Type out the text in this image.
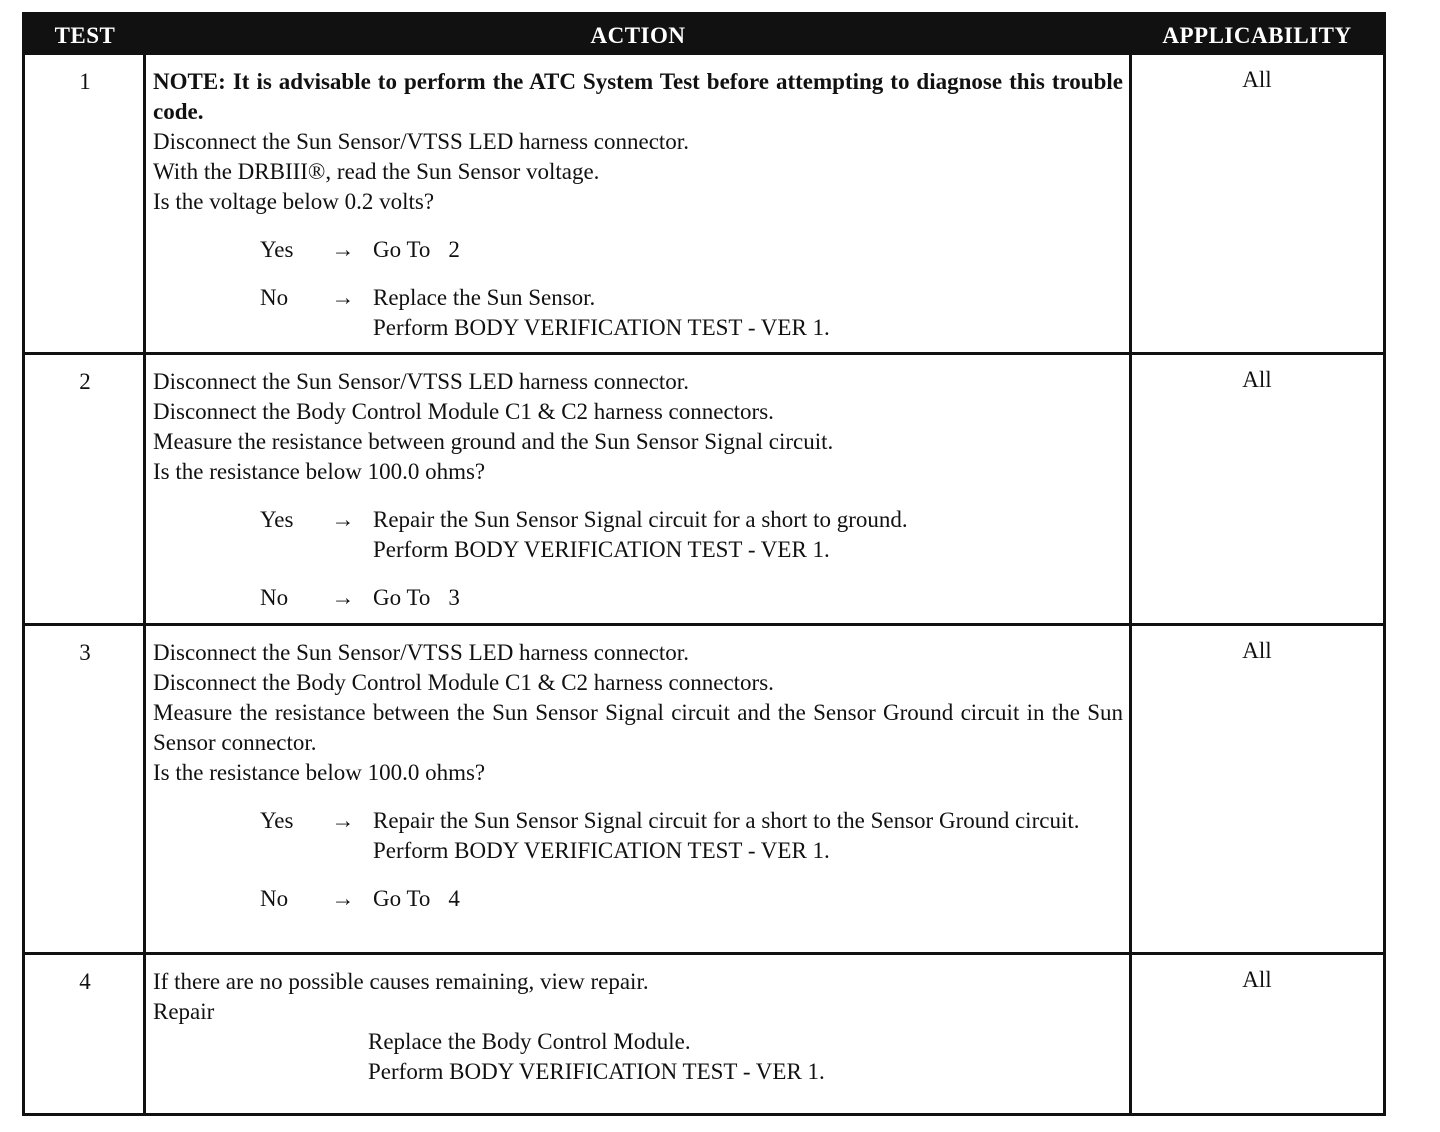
TEST	ACTION	APPLICABILITY
1	NOTE: It is advisable to perform the ATC System Test before attempting to diagnose this trouble code.

Disconnect the Sun Sensor/VTSS LED harness connector.

With the DRBIII®, read the Sun Sensor voltage.

Is the voltage below 0.2 volts?

Yes	→ Go To 2
No	→ Replace the Sun Sensor.

Perform BODY VERIFICATION TEST - VER 1.

All
2	Disconnect the Sun Sensor/VTSS LED harness connector.

Disconnect the Body Control Module C1 & C2 harness connectors.

Measure the resistance between ground and the Sun Sensor Signal circuit.

Is the resistance below 100.0 ohms?

Yes	→ Repair the Sun Sensor Signal circuit for a short to ground.

Perform BODY VERIFICATION TEST - VER 1.

No	→ Go To 3
All
3	Disconnect the Sun Sensor/VTSS LED harness connector.

Disconnect the Body Control Module C1 & C2 harness connectors.

Measure the resistance between the Sun Sensor Signal circuit and the Sensor Ground circuit in the Sun Sensor connector.

Is the resistance below 100.0 ohms?

Yes	→ Repair the Sun Sensor Signal circuit for a short to the Sensor Ground circuit.

Perform BODY VERIFICATION TEST - VER 1.

No	→ Go To 4
All
4	If there are no possible causes remaining, view repair.

Repair

Replace the Body Control Module.

Perform BODY VERIFICATION TEST - VER 1.

All
